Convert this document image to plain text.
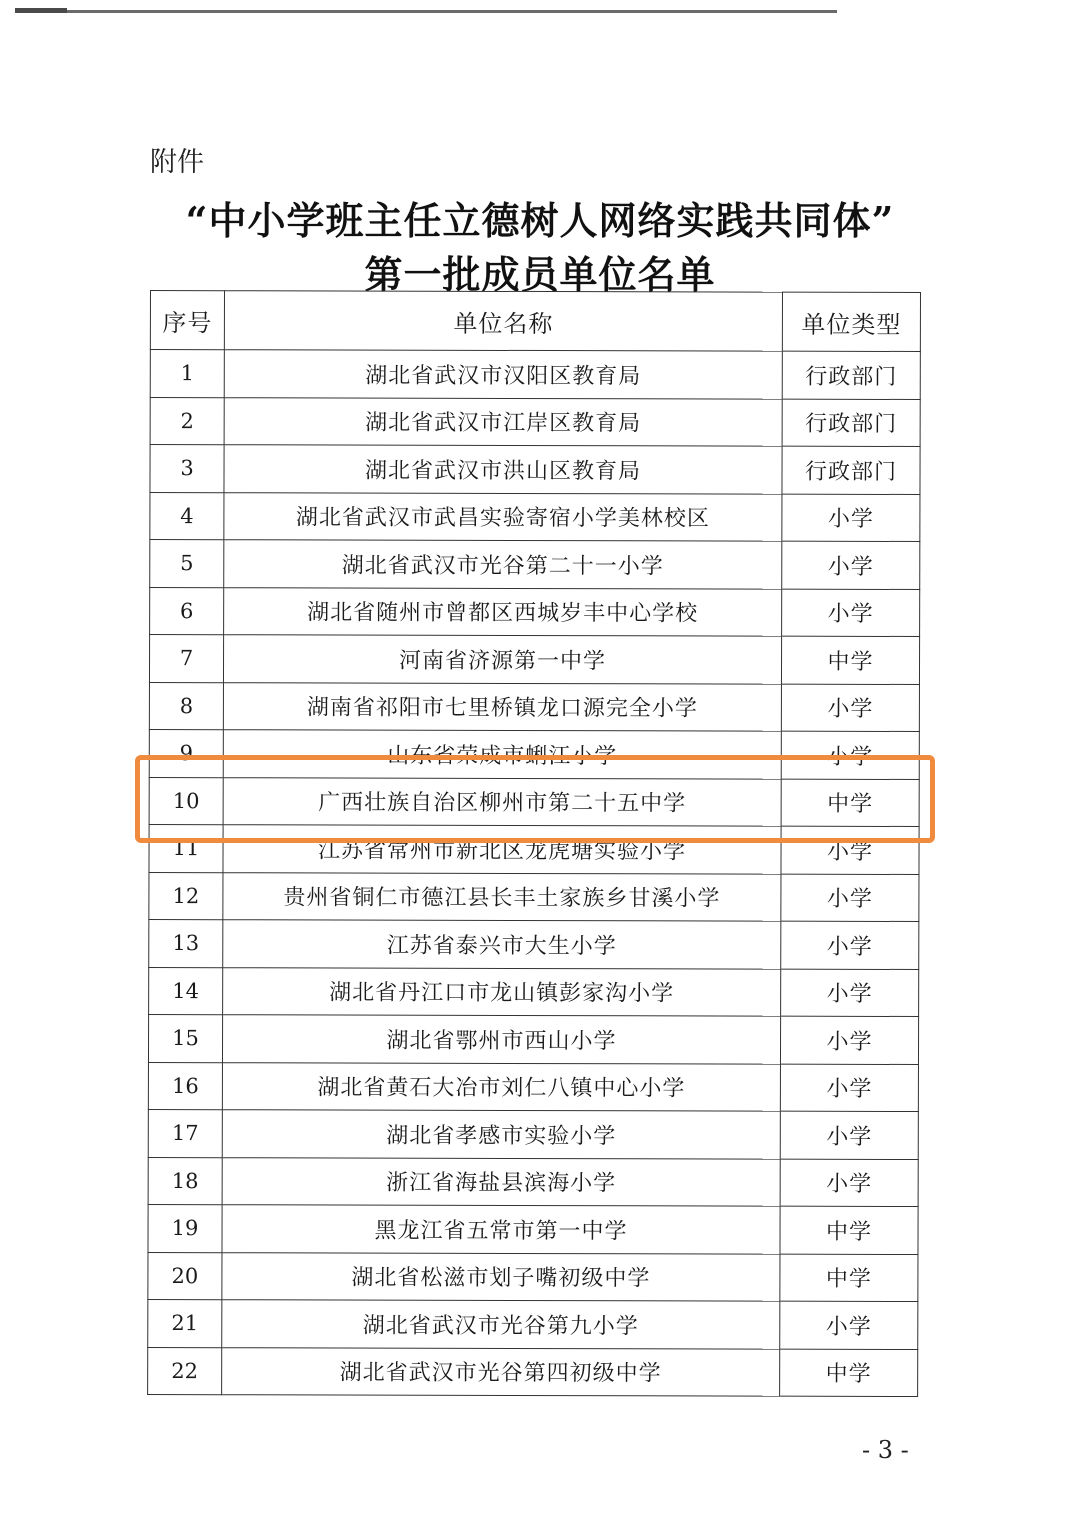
附件
“中小学班主任立德树人网络实践共同体”
第一批成员单位名单
序号	单位名称	单位类型
1	湖北省武汉市汉阳区教育局	行政部门
2	湖北省武汉市江岸区教育局	行政部门
3	湖北省武汉市洪山区教育局	行政部门
4	湖北省武汉市武昌实验寄宿小学美林校区	小学
5	湖北省武汉市光谷第二十一小学	小学
6	湖北省随州市曾都区西城岁丰中心学校	小学
7	河南省济源第一中学	中学
8	湖南省祁阳市七里桥镇龙口源完全小学	小学
9	山东省荣成市蜊江小学	小学
10	广西壮族自治区柳州市第二十五中学	中学
11	江苏省常州市新北区龙虎塘实验小学	小学
12	贵州省铜仁市德江县长丰土家族乡甘溪小学	小学
13	江苏省泰兴市大生小学	小学
14	湖北省丹江口市龙山镇彭家沟小学	小学
15	湖北省鄂州市西山小学	小学
16	湖北省黄石大冶市刘仁八镇中心小学	小学
17	湖北省孝感市实验小学	小学
18	浙江省海盐县滨海小学	小学
19	黑龙江省五常市第一中学	中学
20	湖北省松滋市划子嘴初级中学	中学
21	湖北省武汉市光谷第九小学	小学
22	湖北省武汉市光谷第四初级中学	中学
- 3 -
